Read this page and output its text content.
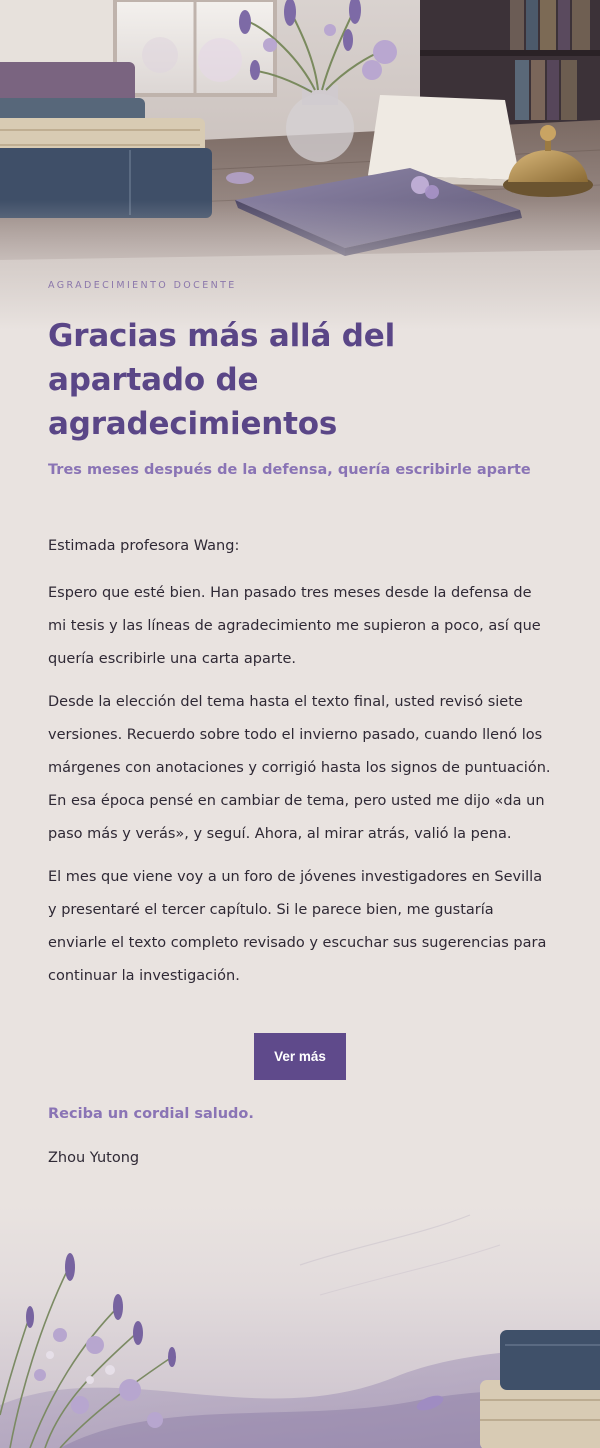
AGRADECIMIENTO DOCENTE

Gracias más allá del apartado de agradecimientos

Tres meses después de la defensa, quería escribirle aparte

Estimada profesora Wang:

Espero que esté bien. Han pasado tres meses desde la defensa de mi tesis y las líneas de agradecimiento me supieron a poco, así que quería escribirle una carta aparte.

Desde la elección del tema hasta el texto final, usted revisó siete versiones. Recuerdo sobre todo el invierno pasado, cuando llenó los márgenes con anotaciones y corrigió hasta los signos de puntuación. En esa época pensé en cambiar de tema, pero usted me dijo «da un paso más y verás», y seguí. Ahora, al mirar atrás, valió la pena.

El mes que viene voy a un foro de jóvenes investigadores en Sevilla y presentaré el tercer capítulo. Si le parece bien, me gustaría enviarle el texto completo revisado y escuchar sus sugerencias para continuar la investigación.

Ver más
Reciba un cordial saludo.
Zhou Yutong
